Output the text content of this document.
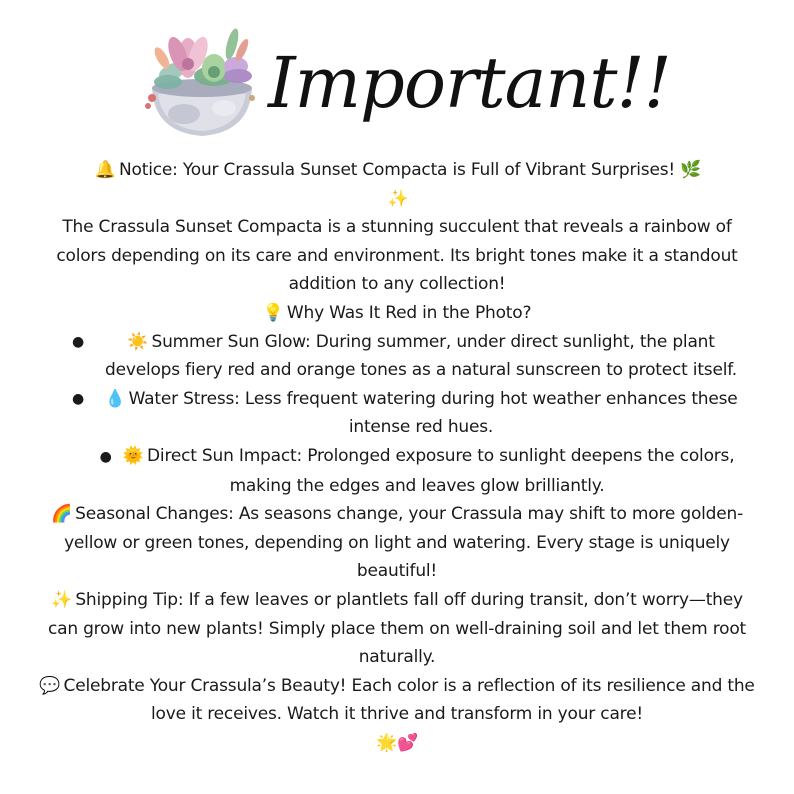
Important!!

🔔 Notice: Your Crassula Sunset Compacta is Full of Vibrant Surprises! 🌿
✨

The Crassula Sunset Compacta is a stunning succulent that reveals a rainbow of colors depending on its care and environment. Its bright tones make it a standout addition to any collection!

💡 Why Was It Red in the Photo?

●	☀️ Summer Sun Glow: During summer, under direct sunlight, the plant develops fiery red and orange tones as a natural sunscreen to protect itself.
● 💧 Water Stress: Less frequent watering during hot weather enhances these intense red hues.
● 🌞 Direct Sun Impact: Prolonged exposure to sunlight deepens the colors, making the edges and leaves glow brilliantly.

🌈 Seasonal Changes: As seasons change, your Crassula may shift to more golden-yellow or green tones, depending on light and watering. Every stage is uniquely beautiful!

✨ Shipping Tip: If a few leaves or plantlets fall off during transit, don’t worry—they can grow into new plants! Simply place them on well-draining soil and let them root naturally.

💬 Celebrate Your Crassula’s Beauty! Each color is a reflection of its resilience and the love it receives. Watch it thrive and transform in your care!
🌟💕
